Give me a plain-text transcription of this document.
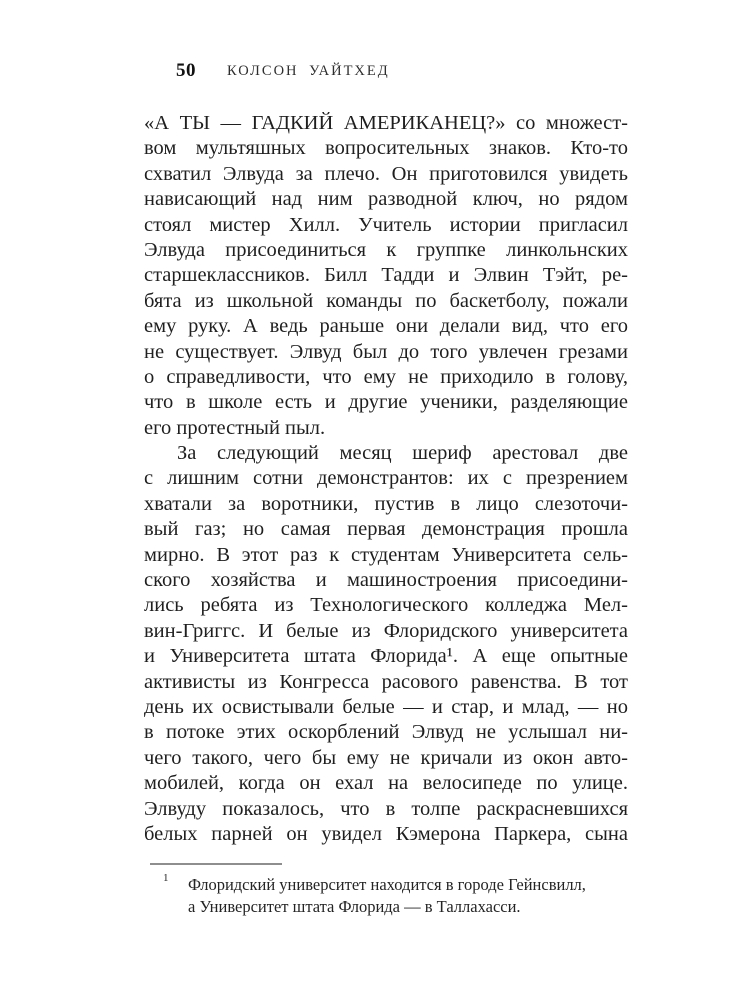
50 КОЛСОН УАЙТХЕД
«А ТЫ — ГАДКИЙ АМЕРИКАНЕЦ?» со множест-
вом мультяшных вопросительных знаков. Кто-то
схватил Элвуда за плечо. Он приготовился увидеть
нависающий над ним разводной ключ, но рядом
стоял мистер Хилл. Учитель истории пригласил
Элвуда присоединиться к группке линкольнских
старшеклассников. Билл Тадди и Элвин Тэйт, ре-
бята из школьной команды по баскетболу, пожали
ему руку. А ведь раньше они делали вид, что его
не существует. Элвуд был до того увлечен грезами
о справедливости, что ему не приходило в голову,
что в школе есть и другие ученики, разделяющие
его протестный пыл.
За следующий месяц шериф арестовал две
с лишним сотни демонстрантов: их с презрением
хватали за воротники, пустив в лицо слезоточи-
вый газ; но самая первая демонстрация прошла
мирно. В этот раз к студентам Университета сель-
ского хозяйства и машиностроения присоедини-
лись ребята из Технологического колледжа Мел-
вин-Григгс. И белые из Флоридского университета
и Университета штата Флорида¹. А еще опытные
активисты из Конгресса расового равенства. В тот
день их освистывали белые — и стар, и млад, — но
в потоке этих оскорблений Элвуд не услышал ни-
чего такого, чего бы ему не кричали из окон авто-
мобилей, когда он ехал на велосипеде по улице.
Элвуду показалось, что в толпе раскрасневшихся
белых парней он увидел Кэмерона Паркера, сына
1 Флоридский университет находится в городе Гейнсвилл,
а Университет штата Флорида — в Таллахасси.
